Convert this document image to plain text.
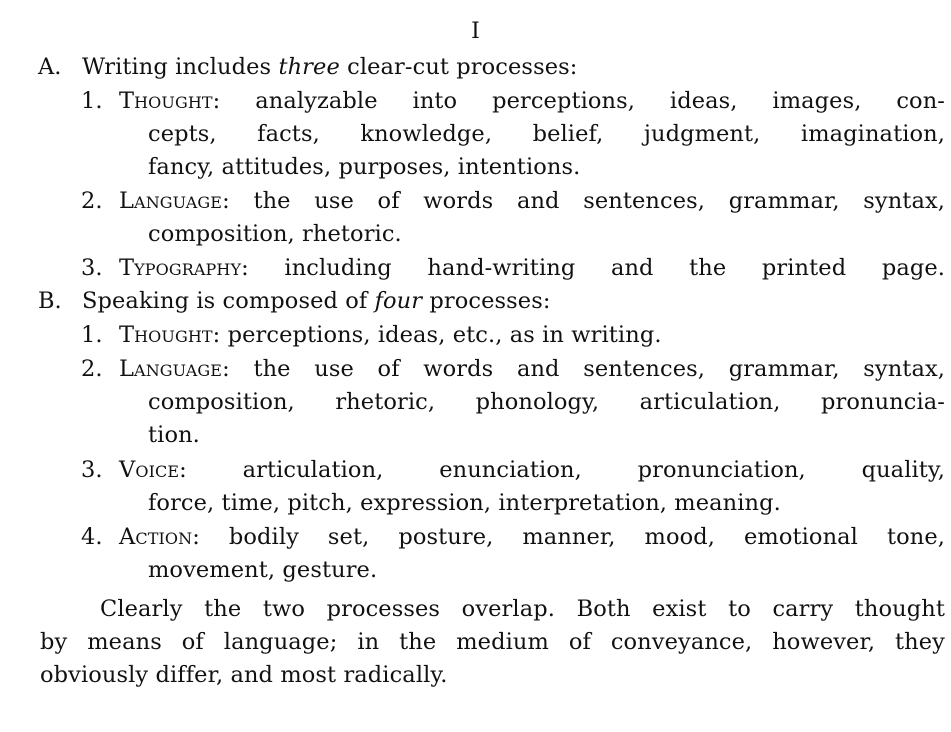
I
A. Writing includes three clear-cut processes:
1. Thought: analyzable into perceptions, ideas, images, con-
cepts, facts, knowledge, belief, judgment, imagination,
fancy, attitudes, purposes, intentions.
2. Language: the use of words and sentences, grammar, syntax,
composition, rhetoric.
3. Typography: including hand-writing and the printed page.
B. Speaking is composed of four processes:
1. Thought: perceptions, ideas, etc., as in writing.
2. Language: the use of words and sentences, grammar, syntax,
composition, rhetoric, phonology, articulation, pronuncia-
tion.
3. Voice: articulation, enunciation, pronunciation, quality,
force, time, pitch, expression, interpretation, meaning.
4. Action: bodily set, posture, manner, mood, emotional tone,
movement, gesture.
Clearly the two processes overlap. Both exist to carry thought
by means of language; in the medium of conveyance, however, they
obviously differ, and most radically.
